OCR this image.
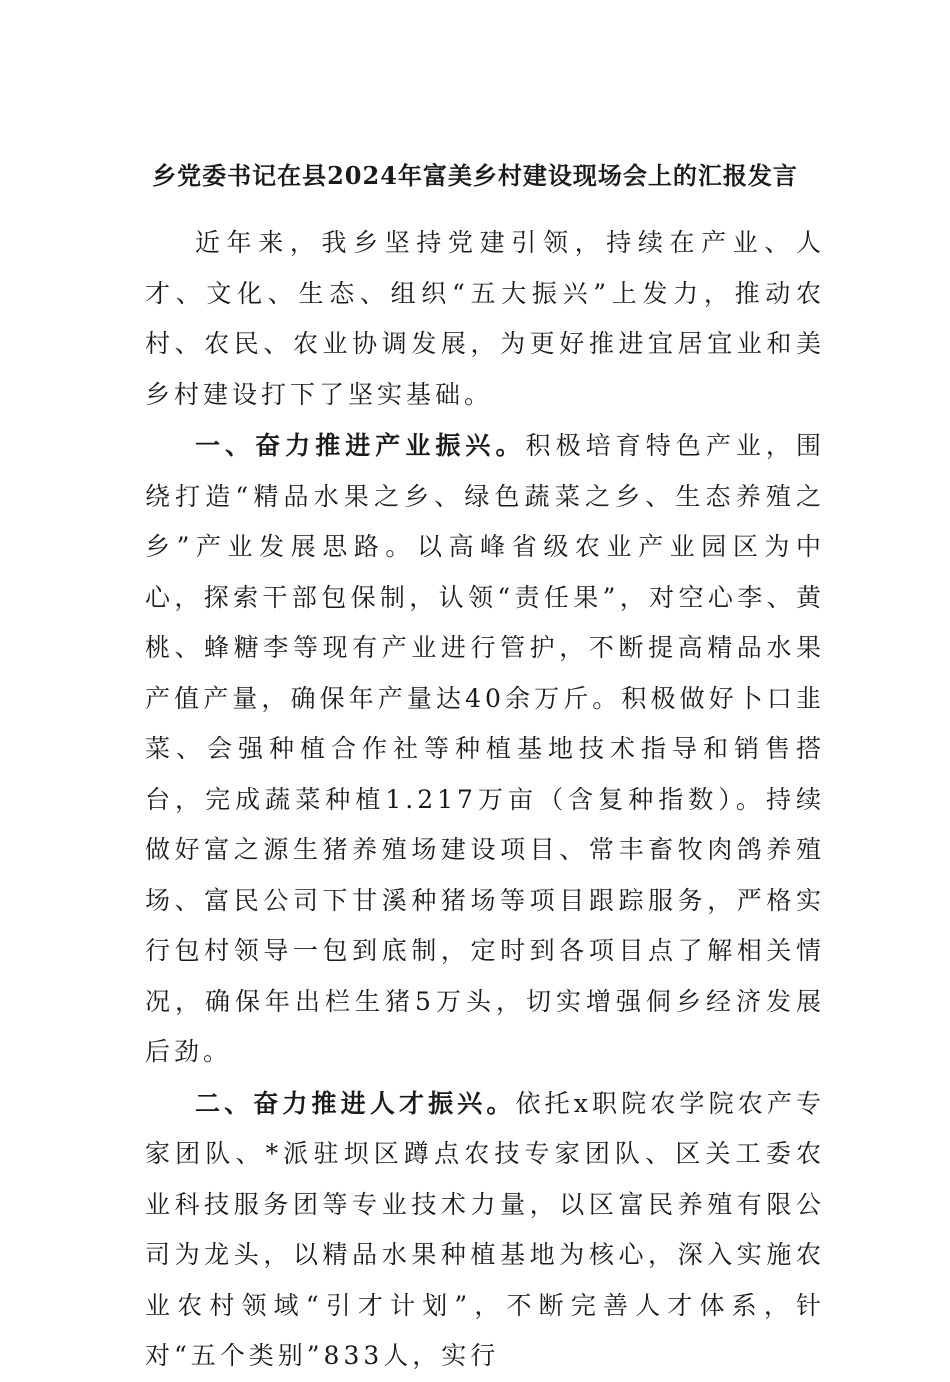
乡党委书记在县2024年富美乡村建设现场会上的汇报发言

近年来，我乡坚持党建引领，持续在产业、人才、文化、生态、组织“五大振兴”上发力，推动农村、农民、农业协调发展，为更好推进宜居宜业和美乡村建设打下了坚实基础。

一、奋力推进产业振兴。积极培育特色产业，围绕打造“精品水果之乡、绿色蔬菜之乡、生态养殖之乡”产业发展思路。以高峰省级农业产业园区为中心，探索干部包保制，认领“责任果”，对空心李、黄桃、蜂糖李等现有产业进行管护，不断提高精品水果产值产量，确保年产量达40余万斤。积极做好卜口韭菜、会强种植合作社等种植基地技术指导和销售搭台，完成蔬菜种植1.217万亩（含复种指数）。持续做好富之源生猪养殖场建设项目、常丰畜牧肉鸽养殖场、富民公司下甘溪种猪场等项目跟踪服务，严格实行包村领导一包到底制，定时到各项目点了解相关情况，确保年出栏生猪5万头，切实增强侗乡经济发展后劲。

二、奋力推进人才振兴。依托x职院农学院农产专家团队、*派驻坝区蹲点农技专家团队、区关工委农业科技服务团等专业技术力量，以区富民养殖有限公司为龙头，以精品水果种植基地为核心，深入实施农业农村领域“引才计划”，不断完善人才体系，针对“五个类别”833人，实行
